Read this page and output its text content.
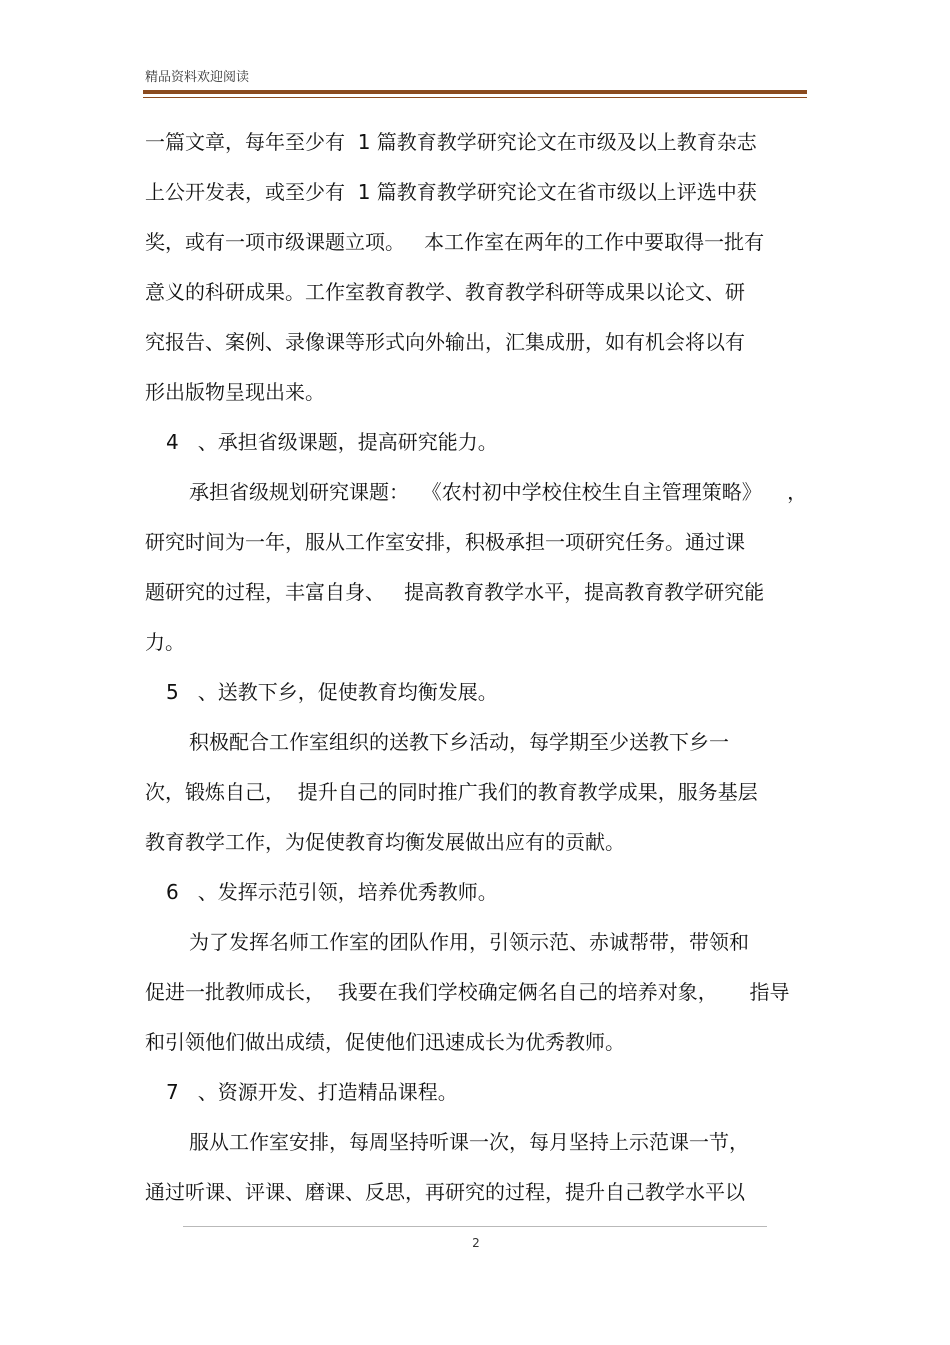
精品资料欢迎阅读
一篇文章，每年至少有  1 篇教育教学研究论文在市级及以上教育杂志
上公开发表，或至少有  1 篇教育教学研究论文在省市级以上评选中获
奖，或有一项市级课题立项。   本工作室在两年的工作中要取得一批有
意义的科研成果。工作室教育教学、教育教学科研等成果以论文、研
究报告、案例、录像课等形式向外输出，汇集成册，如有机会将以有
形出版物呈现出来。
4   、承担省级课题，提高研究能力。
承担省级规划研究课题：  《农村初中学校住校生自主管理策略》    ，
研究时间为一年，服从工作室安排，积极承担一项研究任务。通过课
题研究的过程，丰富自身、   提高教育教学水平，提高教育教学研究能
力。
5   、送教下乡，促使教育均衡发展。
积极配合工作室组织的送教下乡活动，每学期至少送教下乡一
次，锻炼自己，  提升自己的同时推广我们的教育教学成果，服务基层
教育教学工作，为促使教育均衡发展做出应有的贡献。
6   、发挥示范引领，培养优秀教师。
为了发挥名师工作室的团队作用，引领示范、赤诚帮带，带领和
促进一批教师成长，  我要在我们学校确定俩名自己的培养对象，     指导
和引领他们做出成绩，促使他们迅速成长为优秀教师。
7   、资源开发、打造精品课程。
服从工作室安排，每周坚持听课一次，每月坚持上示范课一节，
通过听课、评课、磨课、反思，再研究的过程，提升自己教学水平以
2
